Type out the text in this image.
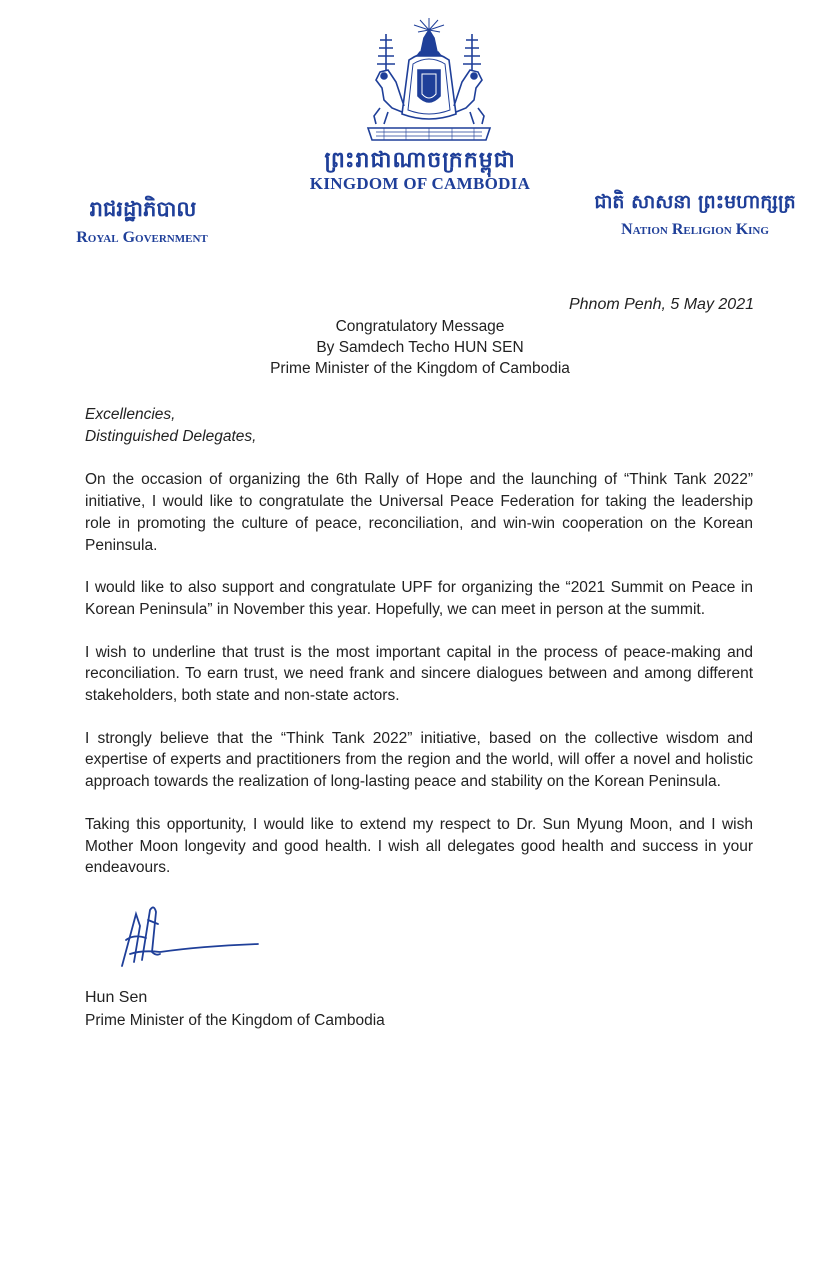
ព្រះរាជាណាចក្រកម្ពុជា
KINGDOM OF CAMBODIA
រាជរដ្ឋាភិបាល
Royal Government
ជាតិ សាសនា ព្រះមហាក្សត្រ
Nation Religion King
Phnom Penh, 5 May 2021
Congratulatory Message
By Samdech Techo HUN SEN
Prime Minister of the Kingdom of Cambodia
Excellencies,
Distinguished Delegates,

On the occasion of organizing the 6th Rally of Hope and the launching of “Think Tank 2022” initiative, I would like to congratulate the Universal Peace Federation for taking the leadership role in promoting the culture of peace, reconciliation, and win-win cooperation on the Korean Peninsula.

I would like to also support and congratulate UPF for organizing the “2021 Summit on Peace in Korean Peninsula” in November this year. Hopefully, we can meet in person at the summit.

I wish to underline that trust is the most important capital in the process of peace-making and reconciliation. To earn trust, we need frank and sincere dialogues between and among different stakeholders, both state and non-state actors.

I strongly believe that the “Think Tank 2022” initiative, based on the collective wisdom and expertise of experts and practitioners from the region and the world, will offer a novel and holistic approach towards the realization of long-lasting peace and stability on the Korean Peninsula.

Taking this opportunity, I would like to extend my respect to Dr. Sun Myung Moon, and I wish Mother Moon longevity and good health. I wish all delegates good health and success in your endeavours.

Hun Sen
Prime Minister of the Kingdom of Cambodia
